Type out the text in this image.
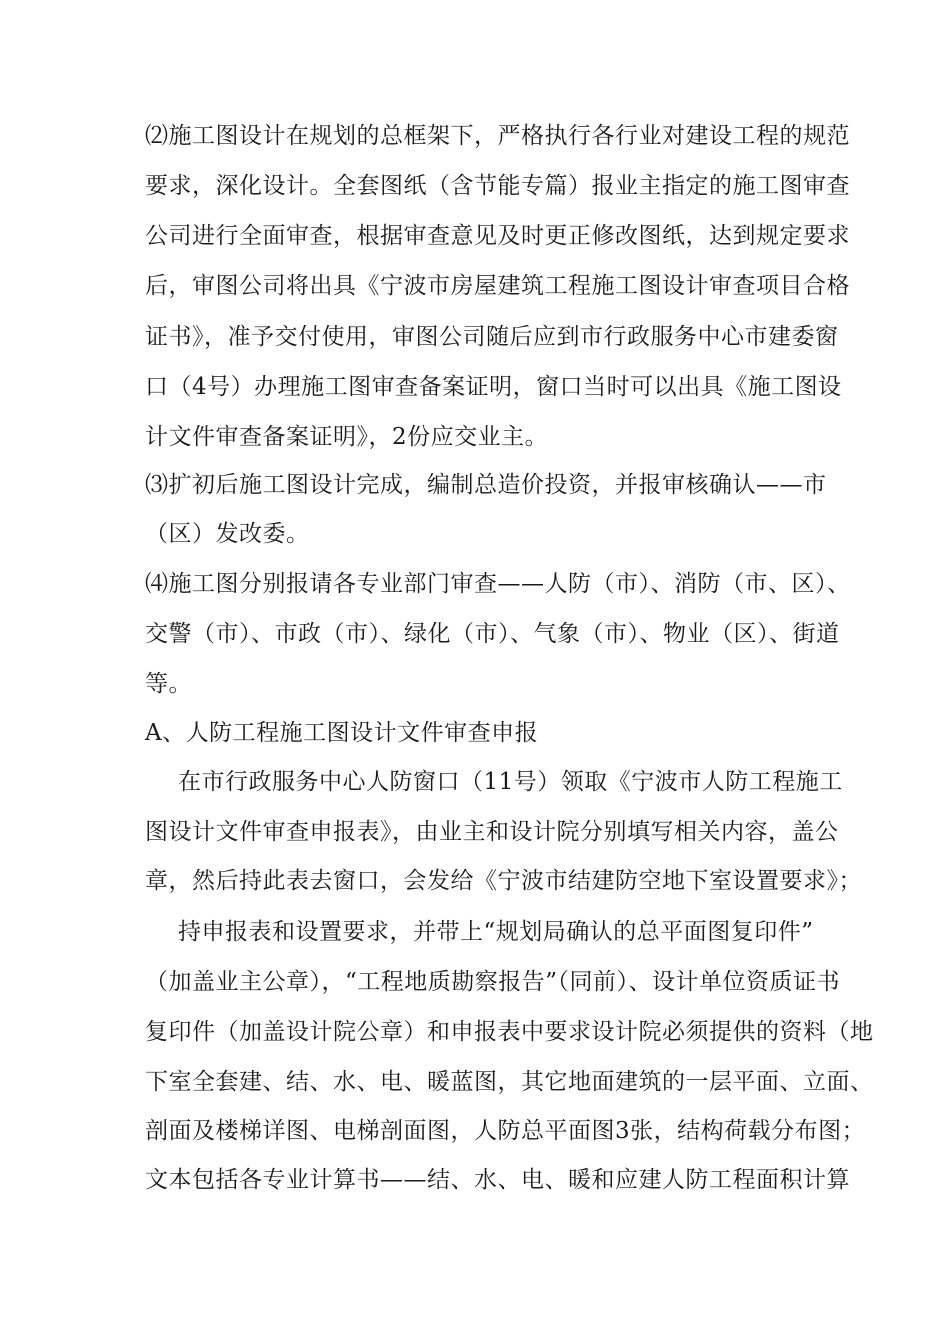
⑵施工图设计在规划的总框架下，严格执行各行业对建设工程的规范
要求，深化设计。全套图纸（含节能专篇）报业主指定的施工图审查
公司进行全面审查，根据审查意见及时更正修改图纸，达到规定要求
后，审图公司将出具《宁波市房屋建筑工程施工图设计审查项目合格
证书》，准予交付使用，审图公司随后应到市行政服务中心市建委窗
口（4号）办理施工图审查备案证明，窗口当时可以出具《施工图设
计文件审查备案证明》，2份应交业主。
⑶扩初后施工图设计完成，编制总造价投资，并报审核确认——市
（区）发改委。
⑷施工图分别报请各专业部门审查——人防（市）、消防（市、区）、
交警（市）、市政（市）、绿化（市）、气象（市）、物业（区）、街道
等。
A、人防工程施工图设计文件审查申报
在市行政服务中心人防窗口（11号）领取《宁波市人防工程施工
图设计文件审查申报表》，由业主和设计院分别填写相关内容，盖公
章，然后持此表去窗口，会发给《宁波市结建防空地下室设置要求》；
持申报表和设置要求，并带上“规划局确认的总平面图复印件”
（加盖业主公章），“工程地质勘察报告”（同前）、设计单位资质证书
复印件（加盖设计院公章）和申报表中要求设计院必须提供的资料（地
下室全套建、结、水、电、暖蓝图，其它地面建筑的一层平面、立面、
剖面及楼梯详图、电梯剖面图，人防总平面图3张，结构荷载分布图；
文本包括各专业计算书——结、水、电、暖和应建人防工程面积计算
